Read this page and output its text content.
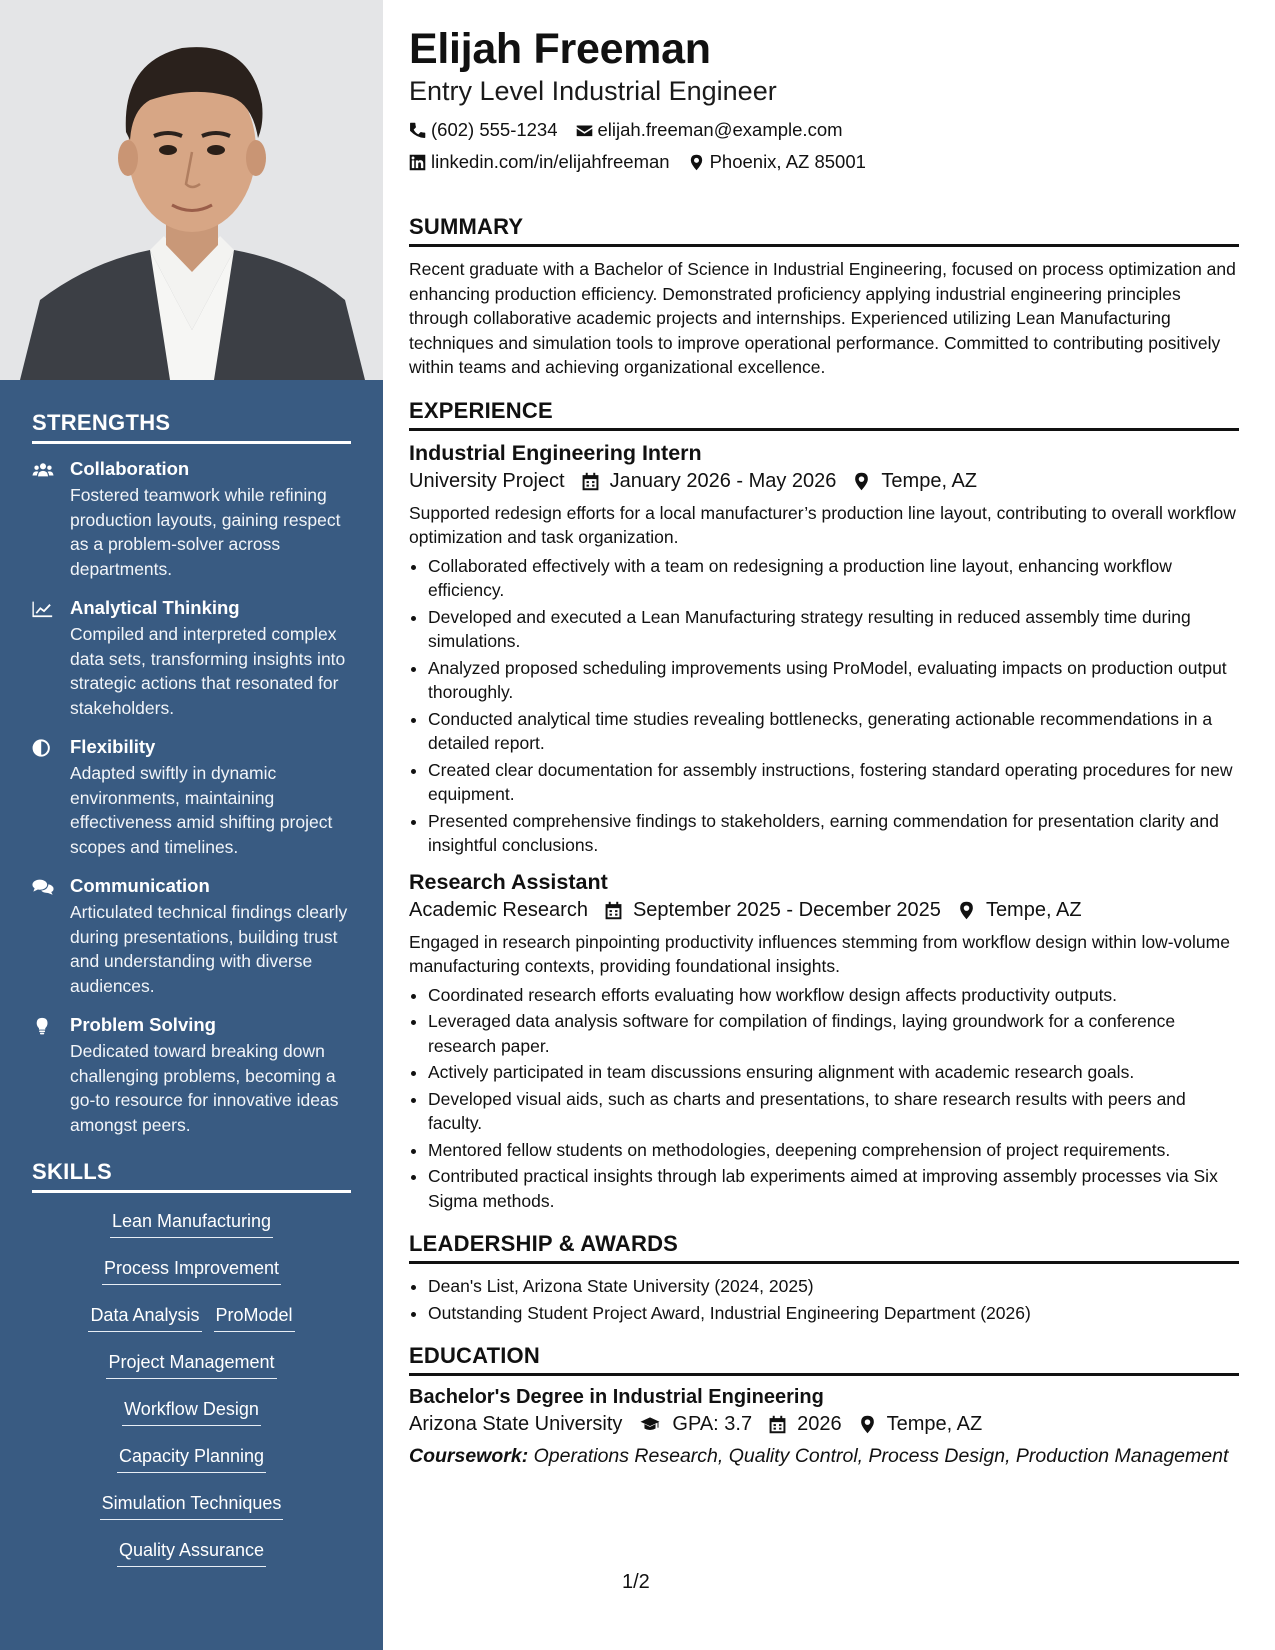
STRENGTHS
Collaboration
Fostered teamwork while refining production layouts, gaining respect as a problem-solver across departments.
Analytical Thinking
Compiled and interpreted complex data sets, transforming insights into strategic actions that resonated for stakeholders.
Flexibility
Adapted swiftly in dynamic environments, maintaining effectiveness amid shifting project scopes and timelines.
Communication
Articulated technical findings clearly during presentations, building trust and understanding with diverse audiences.
Problem Solving
Dedicated toward breaking down challenging problems, becoming a go-to resource for innovative ideas amongst peers.
SKILLS
Lean Manufacturing
Process Improvement
Data Analysis ProModel
Project Management
Workflow Design
Capacity Planning
Simulation Techniques
Quality Assurance
Elijah Freeman
Entry Level Industrial Engineer
(602) 555-1234 elijah.freeman@example.com
linkedin.com/in/elijahfreeman Phoenix, AZ 85001
SUMMARY

Recent graduate with a Bachelor of Science in Industrial Engineering, focused on process optimization and enhancing production efficiency. Demonstrated proficiency applying industrial engineering principles through collaborative academic projects and internships. Experienced utilizing Lean Manufacturing techniques and simulation tools to improve operational performance. Committed to contributing positively within teams and achieving organizational excellence.

EXPERIENCE
Industrial Engineering Intern
University Project January 2026 - May 2026 Tempe, AZ

Supported redesign efforts for a local manufacturer’s production line layout, contributing to overall workflow optimization and task organization.

• Collaborated effectively with a team on redesigning a production line layout, enhancing workflow efficiency.
• Developed and executed a Lean Manufacturing strategy resulting in reduced assembly time during simulations.
• Analyzed proposed scheduling improvements using ProModel, evaluating impacts on production output thoroughly.
• Conducted analytical time studies revealing bottlenecks, generating actionable recommendations in a detailed report.
• Created clear documentation for assembly instructions, fostering standard operating procedures for new equipment.
• Presented comprehensive findings to stakeholders, earning commendation for presentation clarity and insightful conclusions.
Research Assistant
Academic Research September 2025 - December 2025 Tempe, AZ

Engaged in research pinpointing productivity influences stemming from workflow design within low-volume manufacturing contexts, providing foundational insights.

• Coordinated research efforts evaluating how workflow design affects productivity outputs.
• Leveraged data analysis software for compilation of findings, laying groundwork for a conference research paper.
• Actively participated in team discussions ensuring alignment with academic research goals.
• Developed visual aids, such as charts and presentations, to share research results with peers and faculty.
• Mentored fellow students on methodologies, deepening comprehension of project requirements.
• Contributed practical insights through lab experiments aimed at improving assembly processes via Six Sigma methods.
LEADERSHIP & AWARDS
• Dean's List, Arizona State University (2024, 2025)
• Outstanding Student Project Award, Industrial Engineering Department (2026)
EDUCATION
Bachelor's Degree in Industrial Engineering
Arizona State University	GPA: 3.7 2026 Tempe, AZ
Coursework: Operations Research, Quality Control, Process Design, Production Management
1/2
